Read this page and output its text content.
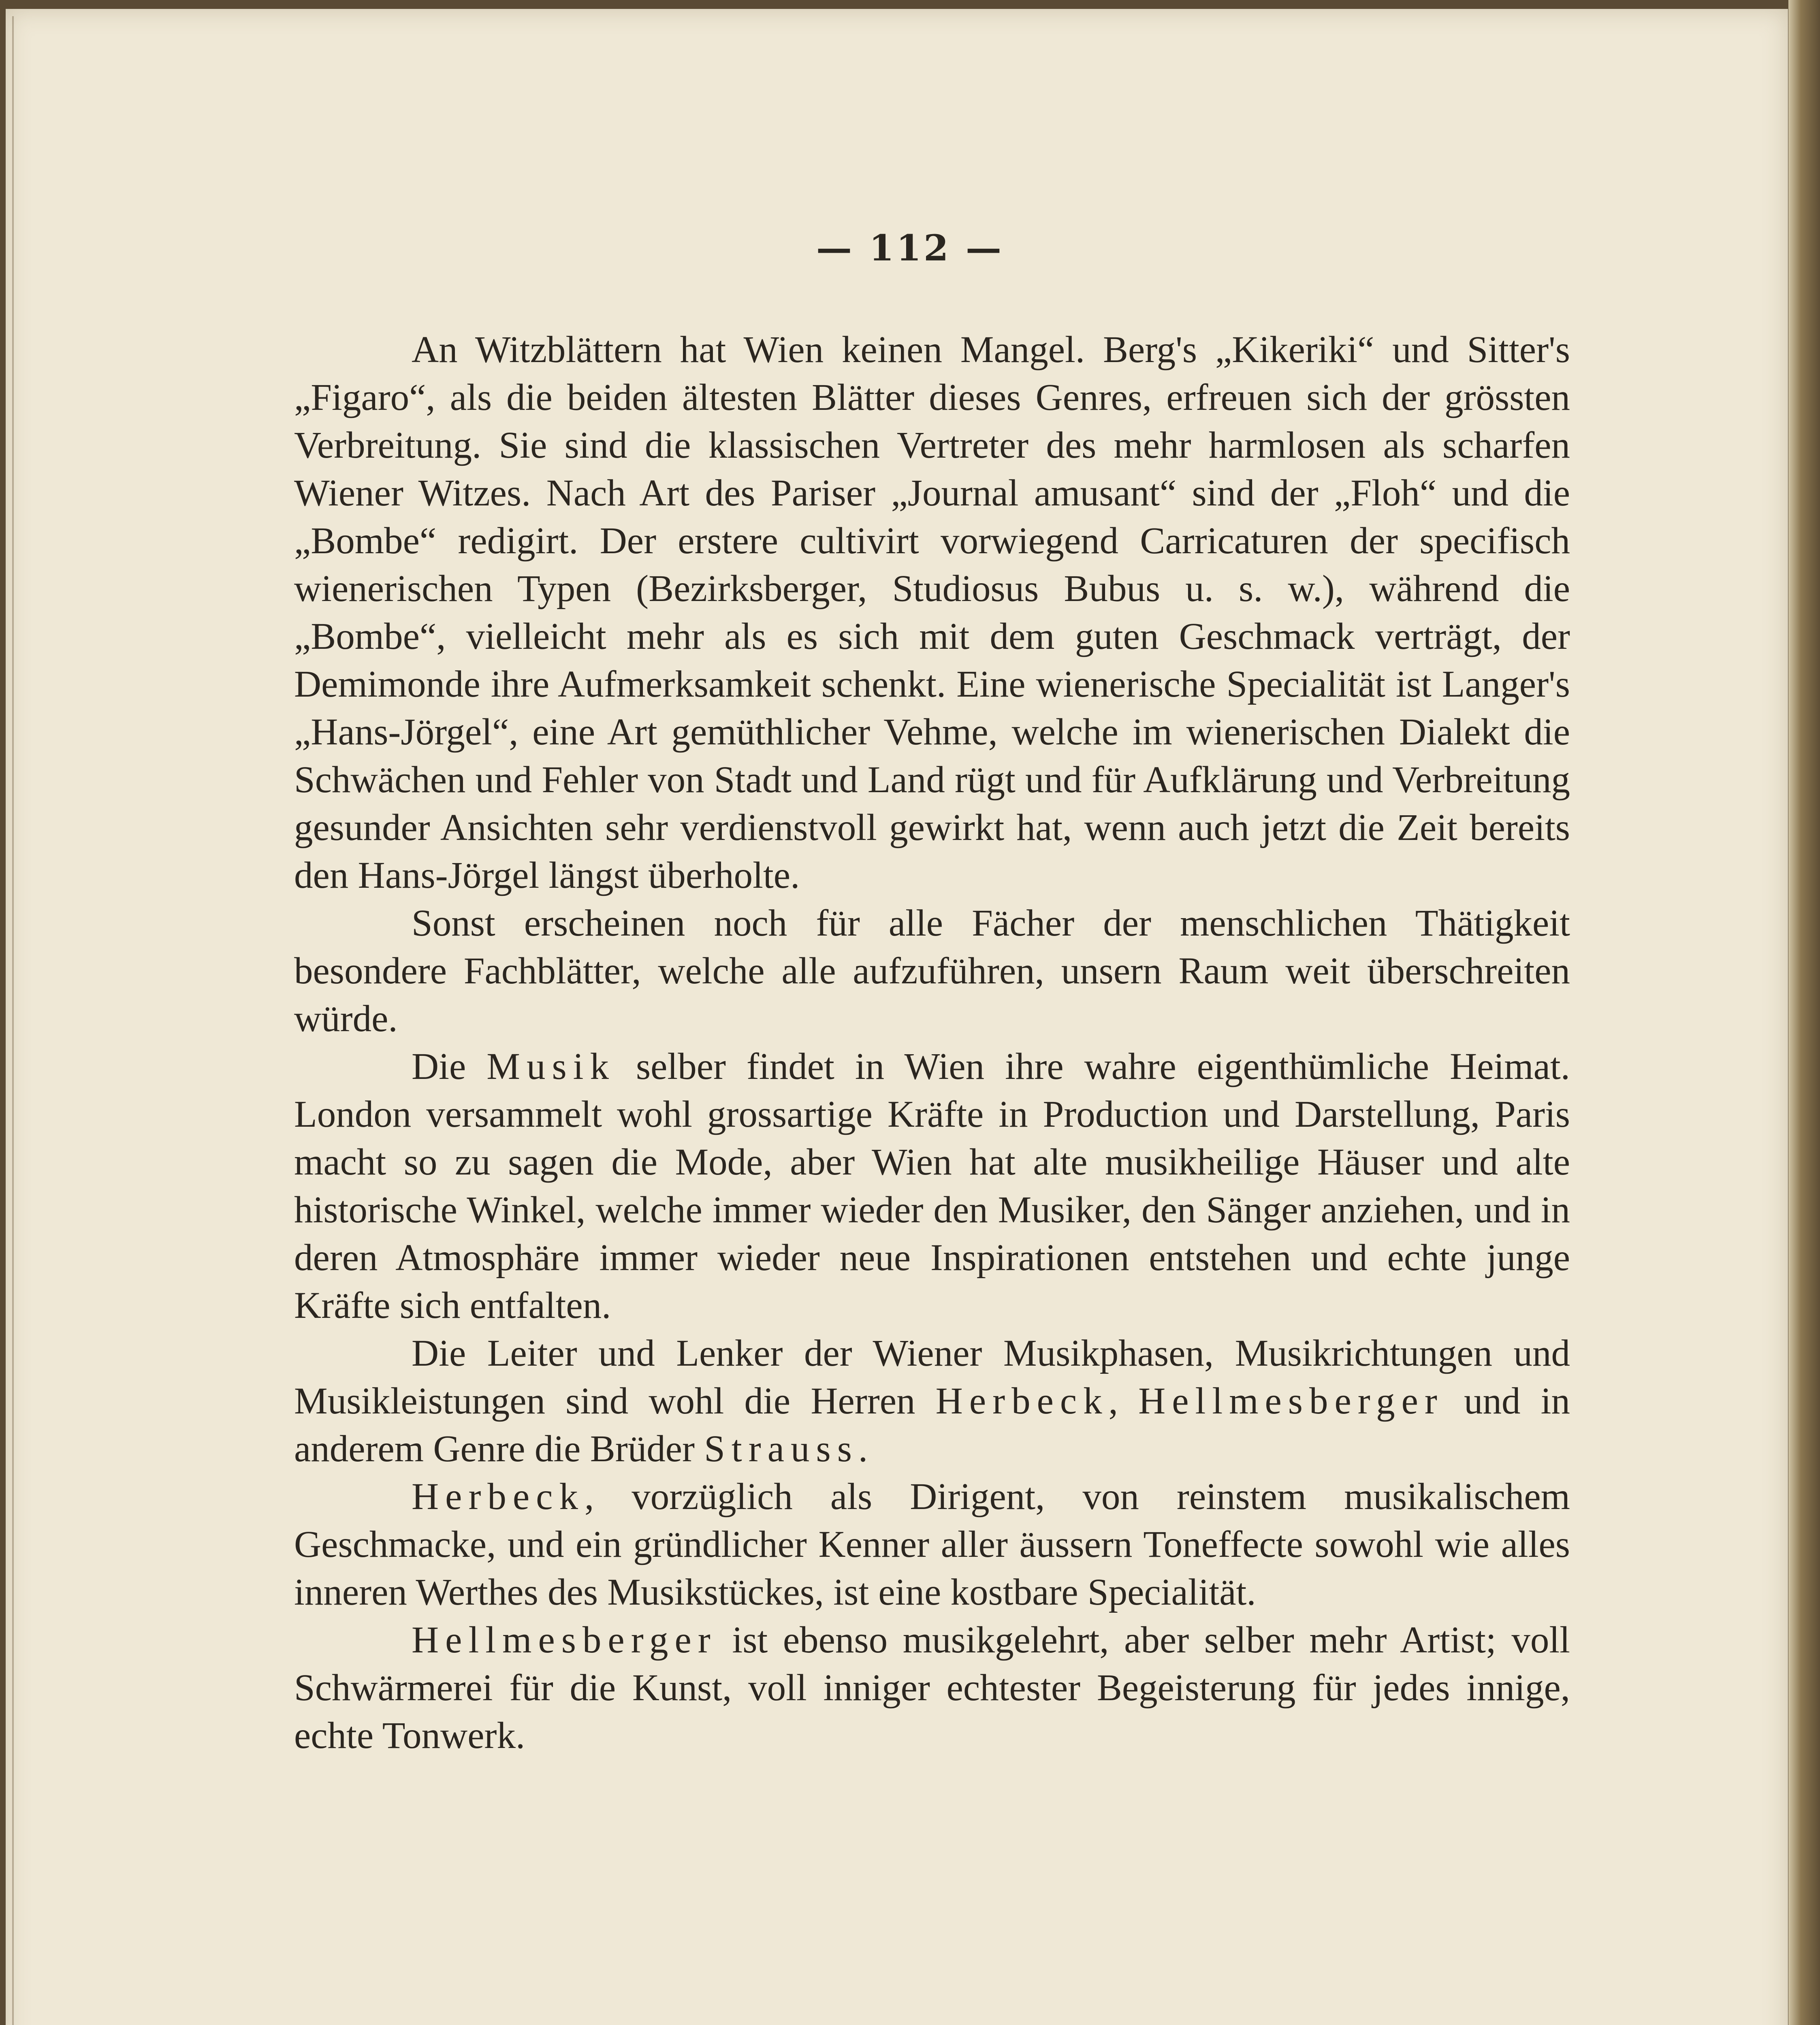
— 112 —

An Witzblättern hat Wien keinen Mangel. Berg's „Kikeriki“ und Sitter's „Figaro“, als die beiden ältesten Blätter dieses Genres, erfreuen sich der grössten Verbreitung. Sie sind die klassischen Vertreter des mehr harmlosen als scharfen Wiener Witzes. Nach Art des Pariser „Journal amusant“ sind der „Floh“ und die „Bombe“ redigirt. Der erstere cultivirt vorwiegend Carricaturen der specifisch wienerischen Typen (Bezirksberger, Studiosus Bubus u. s. w.), während die „Bombe“, vielleicht mehr als es sich mit dem guten Geschmack verträgt, der Demimonde ihre Aufmerksamkeit schenkt. Eine wienerische Specialität ist Langer's „Hans-Jörgel“, eine Art gemüthlicher Vehme, welche im wienerischen Dialekt die Schwächen und Fehler von Stadt und Land rügt und für Aufklärung und Verbreitung gesunder Ansichten sehr verdienstvoll gewirkt hat, wenn auch jetzt die Zeit bereits den Hans-Jörgel längst überholte.

Sonst erscheinen noch für alle Fächer der menschlichen Thätigkeit besondere Fachblätter, welche alle aufzuführen, unsern Raum weit überschreiten würde.

Die Musik selber findet in Wien ihre wahre eigenthümliche Heimat. London versammelt wohl grossartige Kräfte in Production und Darstellung, Paris macht so zu sagen die Mode, aber Wien hat alte musikheilige Häuser und alte historische Winkel, welche immer wieder den Musiker, den Sänger anziehen, und in deren Atmosphäre immer wieder neue Inspirationen entstehen und echte junge Kräfte sich entfalten.

Die Leiter und Lenker der Wiener Musikphasen, Musikrichtungen und Musikleistungen sind wohl die Herren Herbeck, Hellmesberger und in anderem Genre die Brüder Strauss.

Herbeck, vorzüglich als Dirigent, von reinstem musikalischem Geschmacke, und ein gründlicher Kenner aller äussern Toneffecte sowohl wie alles inneren Werthes des Musikstückes, ist eine kostbare Specialität.

Hellmesberger ist ebenso musikgelehrt, aber selber mehr Artist; voll Schwärmerei für die Kunst, voll inniger echtester Begeisterung für jedes innige, echte Tonwerk.
